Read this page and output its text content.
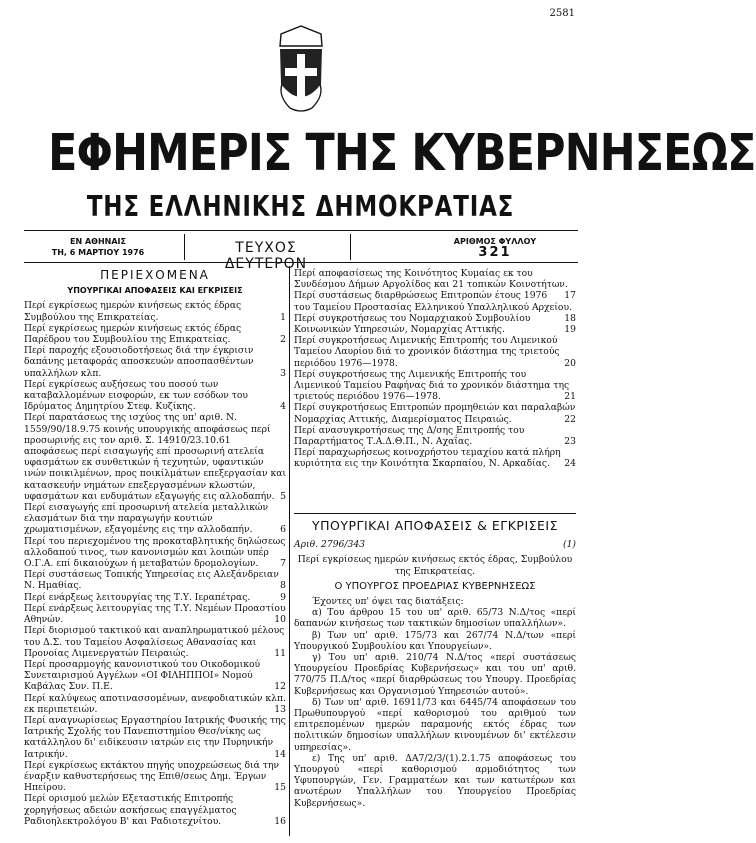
2581
ΕΦΗΜΕΡΙΣ ΤΗΣ ΚΥΒΕΡΝΗΣΕΩΣ
ΤΗΣ ΕΛΛΗΝΙΚΗΣ ΔΗΜΟΚΡΑΤΙΑΣ
ΕΝ ΑΘΗΝΑΙΣ
ΤΗ, 6 ΜΑΡΤΙΟΥ 1976	ΤΕΥΧΟΣ ΔΕΥΤΕΡΟΝ
ΑΡΙΘΜΟΣ ΦΥΛΛΟΥ
321
ΠΕΡΙΕΧΟΜΕΝΑ
ΥΠΟΥΡΓΙΚΑΙ ΑΠΟΦΑΣΕΙΣ ΚΑΙ ΕΓΚΡΙΣΕΙΣ
Περί εγκρίσεως ημερών κινήσεως εκτός έδρας Συμβούλου της Επικρατείας.	1
Περί εγκρίσεως ημερών κινήσεως εκτός έδρας Παρέδρου του Συμβουλίου της Επικρατείας.	2
Περί παροχής εξουσιοδοτήσεως διά την έγκρισιν δαπάνης μεταφοράς αποσκευών αποσπασθέντων υπαλλήλων κλπ.	3
Περί εγκρίσεως αυξήσεως του ποσού των καταβαλλομένων εισφορών, εκ των εσόδων του Ιδρύματος Δημητρίου Στεφ. Κυζίκης.	4
Περί παρατάσεως της ισχύος της υπ' αριθ. Ν. 1559/90/18.9.75 κοινής υπουργικής αποφάσεως περί προσωρινής εις τον αριθ. Σ. 14910/23.10.61 αποφάσεως περί εισαγωγής επί προσωρινή ατελεία υφασμάτων εκ συνθετικών ή τεχνητών, υφαντικών ινών ποικιλμένων, προς ποικίλμάτων επεξεργασίαν και κατασκευήν νημάτων επεξεργασμένων κλωστών, υφασμάτων και ενδυμάτων εξαγωγής εις αλλοδαπήν. 5
Περί εισαγωγής επί προσωρινή ατελεία μεταλλικών ελασμάτων διά την παραγωγήν κουτιών χρωματισμένων, εξαγομένης εις την αλλοδαπήν.	6
Περί του περιεχομένου της προκαταβλητικής δηλώσεως αλλοδαπού τινος, των κανονισμών και λοιπών υπέρ Ο.Γ.Α. επί δικαιούχων ή μεταβατών δρομολογίων. 7
Περί συστάσεως Τοπικής Υπηρεσίας εις Αλεξάνδρειαν Ν. Ημαθίας.	8
Περί ενάρξεως λειτουργίας της Τ.Υ. Ιεραπέτρας.	9
Περί ενάρξεως λειτουργίας της Τ.Υ. Νεμέων Προαστίου Αθηνών.	10
Περί διορισμού τακτικού και αναπληρωματικού μέλους του Δ.Σ. του Ταμείου Ασφαλίσεως Αθανασίας και Προνοίας Λιμενεργατών Πειραιώς.	11
Περί προσαρμογής κανονιστικού του Οικοδομικού Συνεταιρισμού Αγγέλων «ΟΙ ΦΙΛΗΠΠΟΙ» Νομού Καβάλας Συν. Π.Ε.	12
Περί καλύψεως αποτινασσομένων, ανεφοδιατικών κλπ. εκ περιπετειών.	13
Περί αναγνωρίσεως Εργαστηρίου Ιατρικής Φυσικής της Ιατρικής Σχολής του Πανεπιστημίου Θεσ/νίκης ως κατάλληλου δι' ειδίκευσιν ιατρών εις την Πυρηνικήν Ιατρικήν.	14
Περί εγκρίσεως εκτάκτου πηγής υποχρεώσεως διά την έναρξιν καθυστερήσεως της Επιθ/σεως Δημ. Έργων Ηπείρου.	15
Περί ορισμού μελών Εξεταστικής Επιτροπής χορηγήσεως αδειών ασκήσεως επαγγέλματος Ραδιοηλεκτρολόγου Β' και Ραδιοτεχνίτου.	16
Περί αποφασίσεως της Κοινότητος Κυμαίας εκ του Συνδέσμου Δήμων Αργολίδος και 21 τοπικών Κοινοτήτων.
17
Περί συστάσεως διαρθρώσεως Επιτροπών έτους 1976 του Ταμείου Προστασίας Ελληνικού Υπαλληλικού Αρχείου.
18
Περί συγκροτήσεως του Νομαρχιακού Συμβουλίου Κοινωνικών Υπηρεσιών, Νομαρχίας Αττικής.	19
Περί συγκροτήσεως Λιμενικής Επιτροπής του Λιμενικού Ταμείου Λαυρίου διά το χρονικόν διάστημα της τριετούς περιόδου 1976—1978.	20
Περί συγκροτήσεως της Λιμενικής Επιτροπής του Λιμενικού Ταμείου Ραφήνας διά το χρονικόν διάστημα της τριετούς περιόδου 1976—1978.	21
Περί συγκροτήσεως Επιτροπών προμηθειών και παραλαβών Νομαρχίας Αττικής, Διαμερίσματος Πειραιώς.	22
Περί ανασυγκροτήσεως της Δ/σης Επιτροπής του Παραρτήματος Τ.Α.Δ.Θ.Π., Ν. Αχαΐας.	23
Περί παραχωρήσεως κοινοχρήστου τεμαχίου κατά πλήρη κυριότητα εις την Κοινότητα Σκαρπαίου, Ν. Αρκαδίας. 24
ΥΠΟΥΡΓΙΚΑΙ ΑΠΟΦΑΣΕΙΣ & ΕΓΚΡΙΣΕΙΣ
Αριθ. 2796/343	(1)
Περί εγκρίσεως ημερών κινήσεως εκτός έδρας, Συμβούλου της Επικρατείας.
Ο ΥΠΟΥΡΓΟΣ ΠΡΟΕΔΡΙΑΣ ΚΥΒΕΡΝΗΣΕΩΣ
Έχοντες υπ' όψει τας διατάξεις:
α) Του άρθρου 15 του υπ' αριθ. 65/73 Ν.Δ/τος «περί δαπανών κινήσεως των τακτικών δημοσίων υπαλλήλων».
β) Των υπ' αριθ. 175/73 και 267/74 Ν.Δ/των «περί Υπουργικού Συμβουλίου και Υπουργείων».
γ) Του υπ' αριθ. 210/74 Ν.Δ/τος «περί συστάσεως Υπουργείου Προεδρίας Κυβερνήσεως» και του υπ' αριθ. 770/75 Π.Δ/τος «περί διαρθρώσεως του Υπουργ. Προεδρίας Κυβερνήσεως και Οργανισμού Υπηρεσιών αυτού».
δ) Των υπ' αριθ. 16911/73 και 6445/74 αποφάσεων του Πρωθυπουργού «περί καθορισμού του αριθμού των επιτρεπομένων ημερών παραμονής εκτός έδρας των πολιτικών δημοσίων υπαλλήλων κινουμένων δι' εκτέλεσιν υπηρεσίας».
ε) Της υπ' αριθ. ΔΑ7/2/3/(1).2.1.75 αποφάσεως του Υπουργού «περί καθορισμού αρμοδιότητος των Υφυπουργών, Γεν. Γραμματέων και των κατωτέρων και ανωτέρων Υπαλλήλων του Υπουργείου Προεδρίας Κυβερνήσεως».
